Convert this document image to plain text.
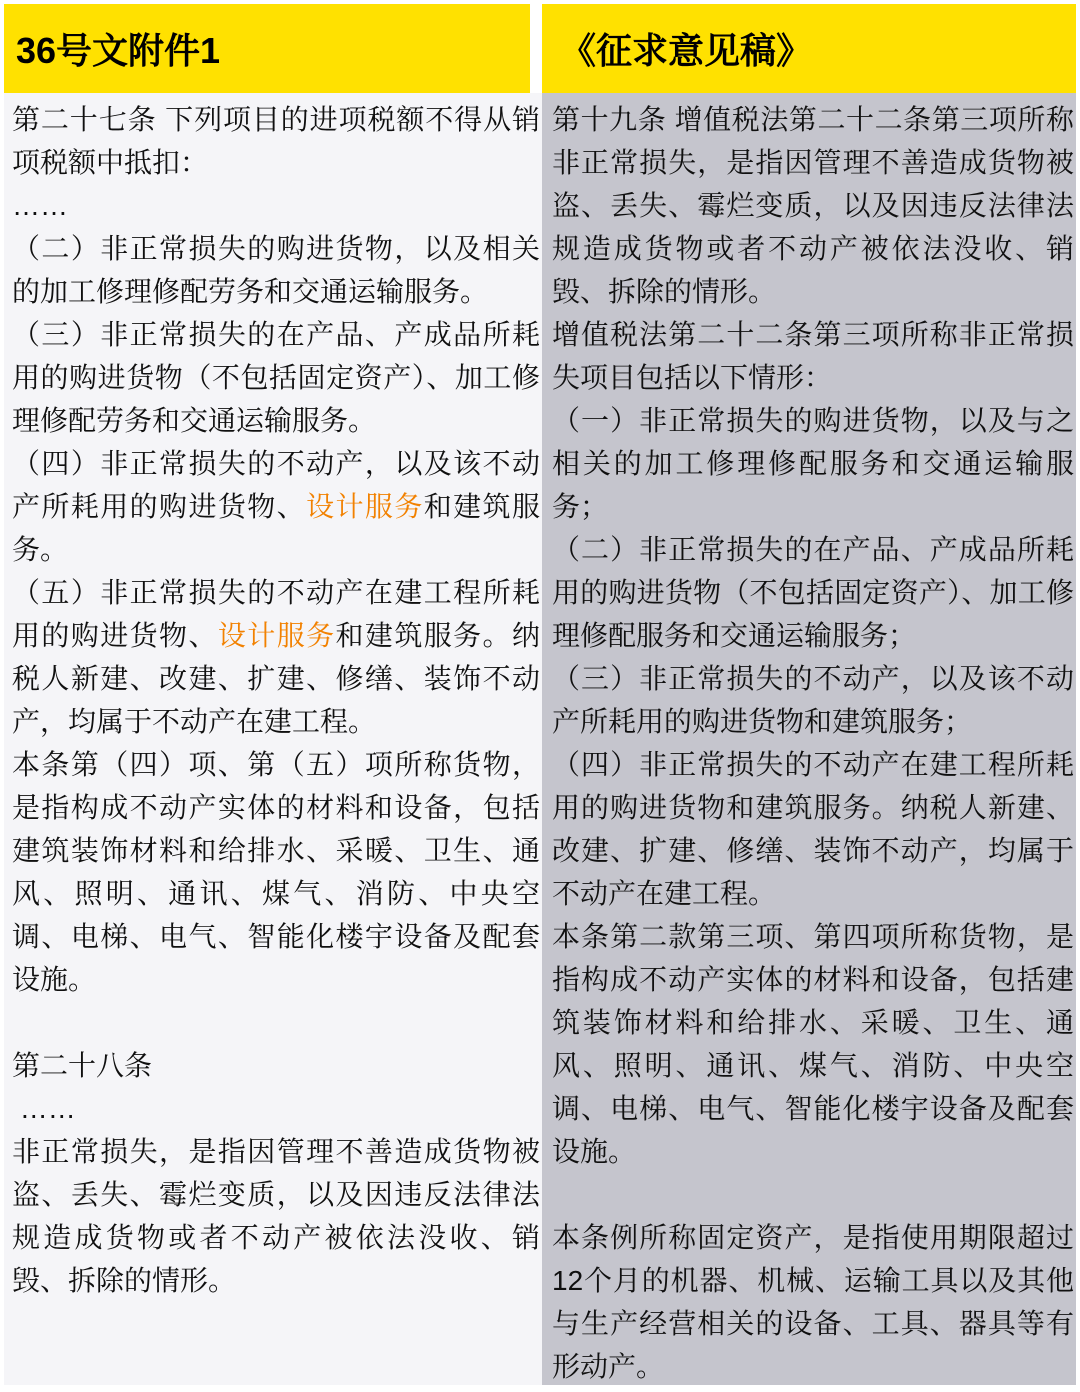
36号文附件1	《征求意见稿》

第二十七条 下列项目的进项税额不得从销项税额中抵扣：

……

（二）非正常损失的购进货物，以及相关的加工修理修配劳务和交通运输服务。

（三）非正常损失的在产品、产成品所耗用的购进货物（不包括固定资产）、加工修理修配劳务和交通运输服务。

（四）非正常损失的不动产，以及该不动产所耗用的购进货物、设计服务和建筑服务。

（五）非正常损失的不动产在建工程所耗用的购进货物、设计服务和建筑服务。纳税人新建、改建、扩建、修缮、装饰不动产，均属于不动产在建工程。

本条第（四）项、第（五）项所称货物，是指构成不动产实体的材料和设备，包括建筑装饰材料和给排水、采暖、卫生、通风、照明、通讯、煤气、消防、中央空调、电梯、电气、智能化楼宇设备及配套设施。

第二十八条

……

非正常损失，是指因管理不善造成货物被盗、丢失、霉烂变质，以及因违反法律法规造成货物或者不动产被依法没收、销毁、拆除的情形。

第十九条 增值税法第二十二条第三项所称非正常损失，是指因管理不善造成货物被盗、丢失、霉烂变质，以及因违反法律法规造成货物或者不动产被依法没收、销毁、拆除的情形。

增值税法第二十二条第三项所称非正常损失项目包括以下情形：

（一）非正常损失的购进货物，以及与之相关的加工修理修配服务和交通运输服务；

（二）非正常损失的在产品、产成品所耗用的购进货物（不包括固定资产）、加工修理修配服务和交通运输服务；

（三）非正常损失的不动产，以及该不动产所耗用的购进货物和建筑服务；

（四）非正常损失的不动产在建工程所耗用的购进货物和建筑服务。纳税人新建、改建、扩建、修缮、装饰不动产，均属于不动产在建工程。

本条第二款第三项、第四项所称货物，是指构成不动产实体的材料和设备，包括建筑装饰材料和给排水、采暖、卫生、通风、照明、通讯、煤气、消防、中央空调、电梯、电气、智能化楼宇设备及配套设施。

本条例所称固定资产，是指使用期限超过12个月的机器、机械、运输工具以及其他与生产经营相关的设备、工具、器具等有形动产。
